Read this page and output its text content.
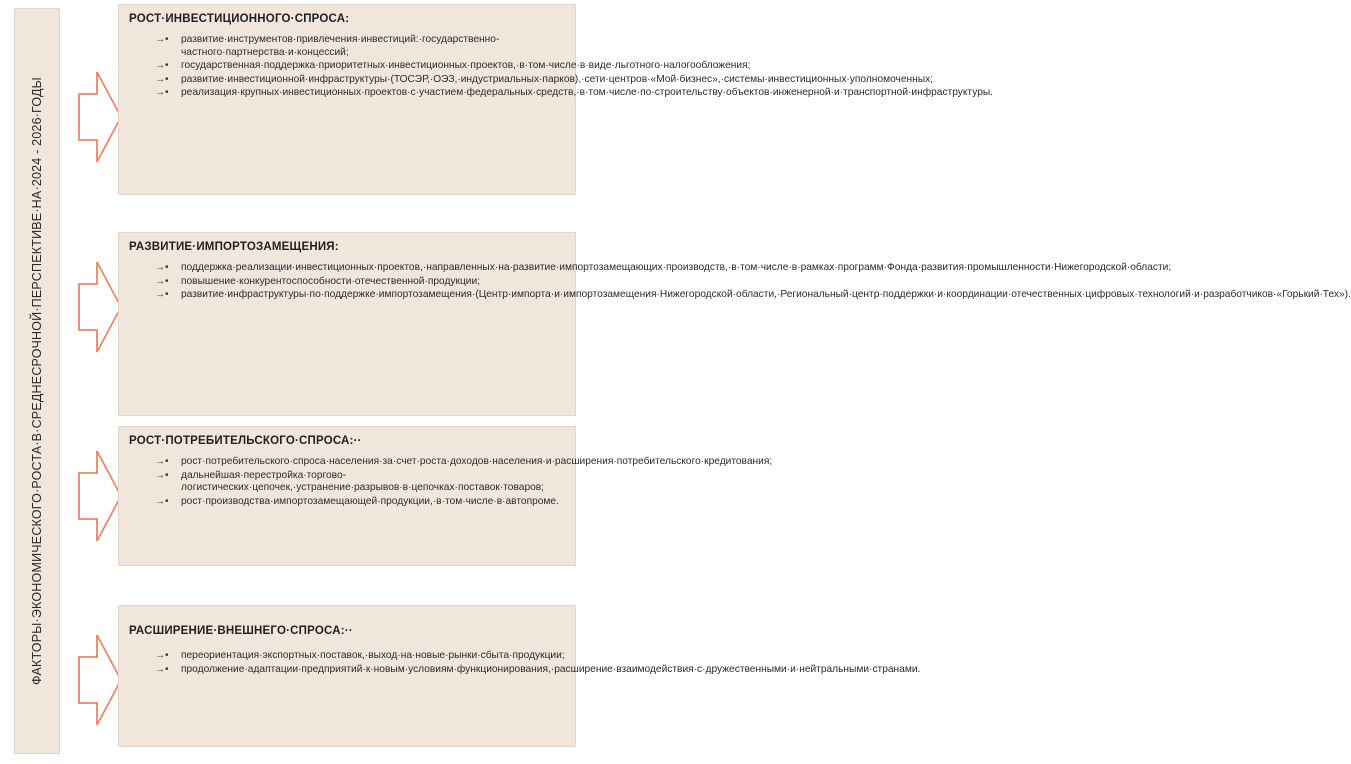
ФАКТОРЫ·ЭКОНОМИЧЕСКОГО·РОСТА·В·СРЕДНЕСРОЧНОЙ·ПЕРСПЕКТИВЕ·НА·2024 - 2026·ГОДЫ
РОСТ·ИНВЕСТИЦИОННОГО·СПРОСА:
→• развитие·инструментов·привлечения·инвестиций:·государственно-частного·партнерства·и·концессий;
→• государственная·поддержка·приоритетных·инвестиционных·проектов,·в·том·числе·в·виде·льготного·налогообложения;
→• развитие·инвестиционной·инфраструктуры·(ТОСЭР,·ОЭЗ,·индустриальных·парков),·сети·центров·«Мой·бизнес»,·системы·инвестиционных·уполномоченных;
→• реализация·крупных·инвестиционных·проектов·с·участием·федеральных·средств,·в·том·числе·по·строительству·объектов·инженерной·и·транспортной·инфраструктуры.
РАЗВИТИЕ·ИМПОРТОЗАМЕЩЕНИЯ:
→• поддержка·реализации·инвестиционных·проектов,·направленных·на·развитие·импортозамещающих·производств,·в·том·числе·в·рамках·программ·Фонда·развития·промышленности·Нижегородской·области;
→• повышение·конкурентоспособности·отечественной·продукции;
→• развитие·инфраструктуры·по·поддержке·импортозамещения·(Центр·импорта·и·импортозамещения·Нижегородской·области,·Региональный·центр·поддержки·и·координации·отечественных·цифровых·технологий·и·разработчиков·«Горький·Тех»).
РОСТ·ПОТРЕБИТЕЛЬСКОГО·СПРОСА:··
→• рост·потребительского·спроса·населения·за·счет·роста·доходов·населения·и·расширения·потребительского·кредитования;
→• дальнейшая·перестройка·торгово-логистических·цепочек,·устранение·разрывов·в·цепочках·поставок·товаров;
→• рост·производства·импортозамещающей·продукции,·в·том·числе·в·автопроме.
РАСШИРЕНИЕ·ВНЕШНЕГО·СПРОСА:··
→• переориентация·экспортных·поставок,·выход·на·новые·рынки·сбыта·продукции;
→• продолжение·адаптации·предприятий·к·новым·условиям·функционирования,·расширение·взаимодействия·с·дружественными·и·нейтральными·странами.
